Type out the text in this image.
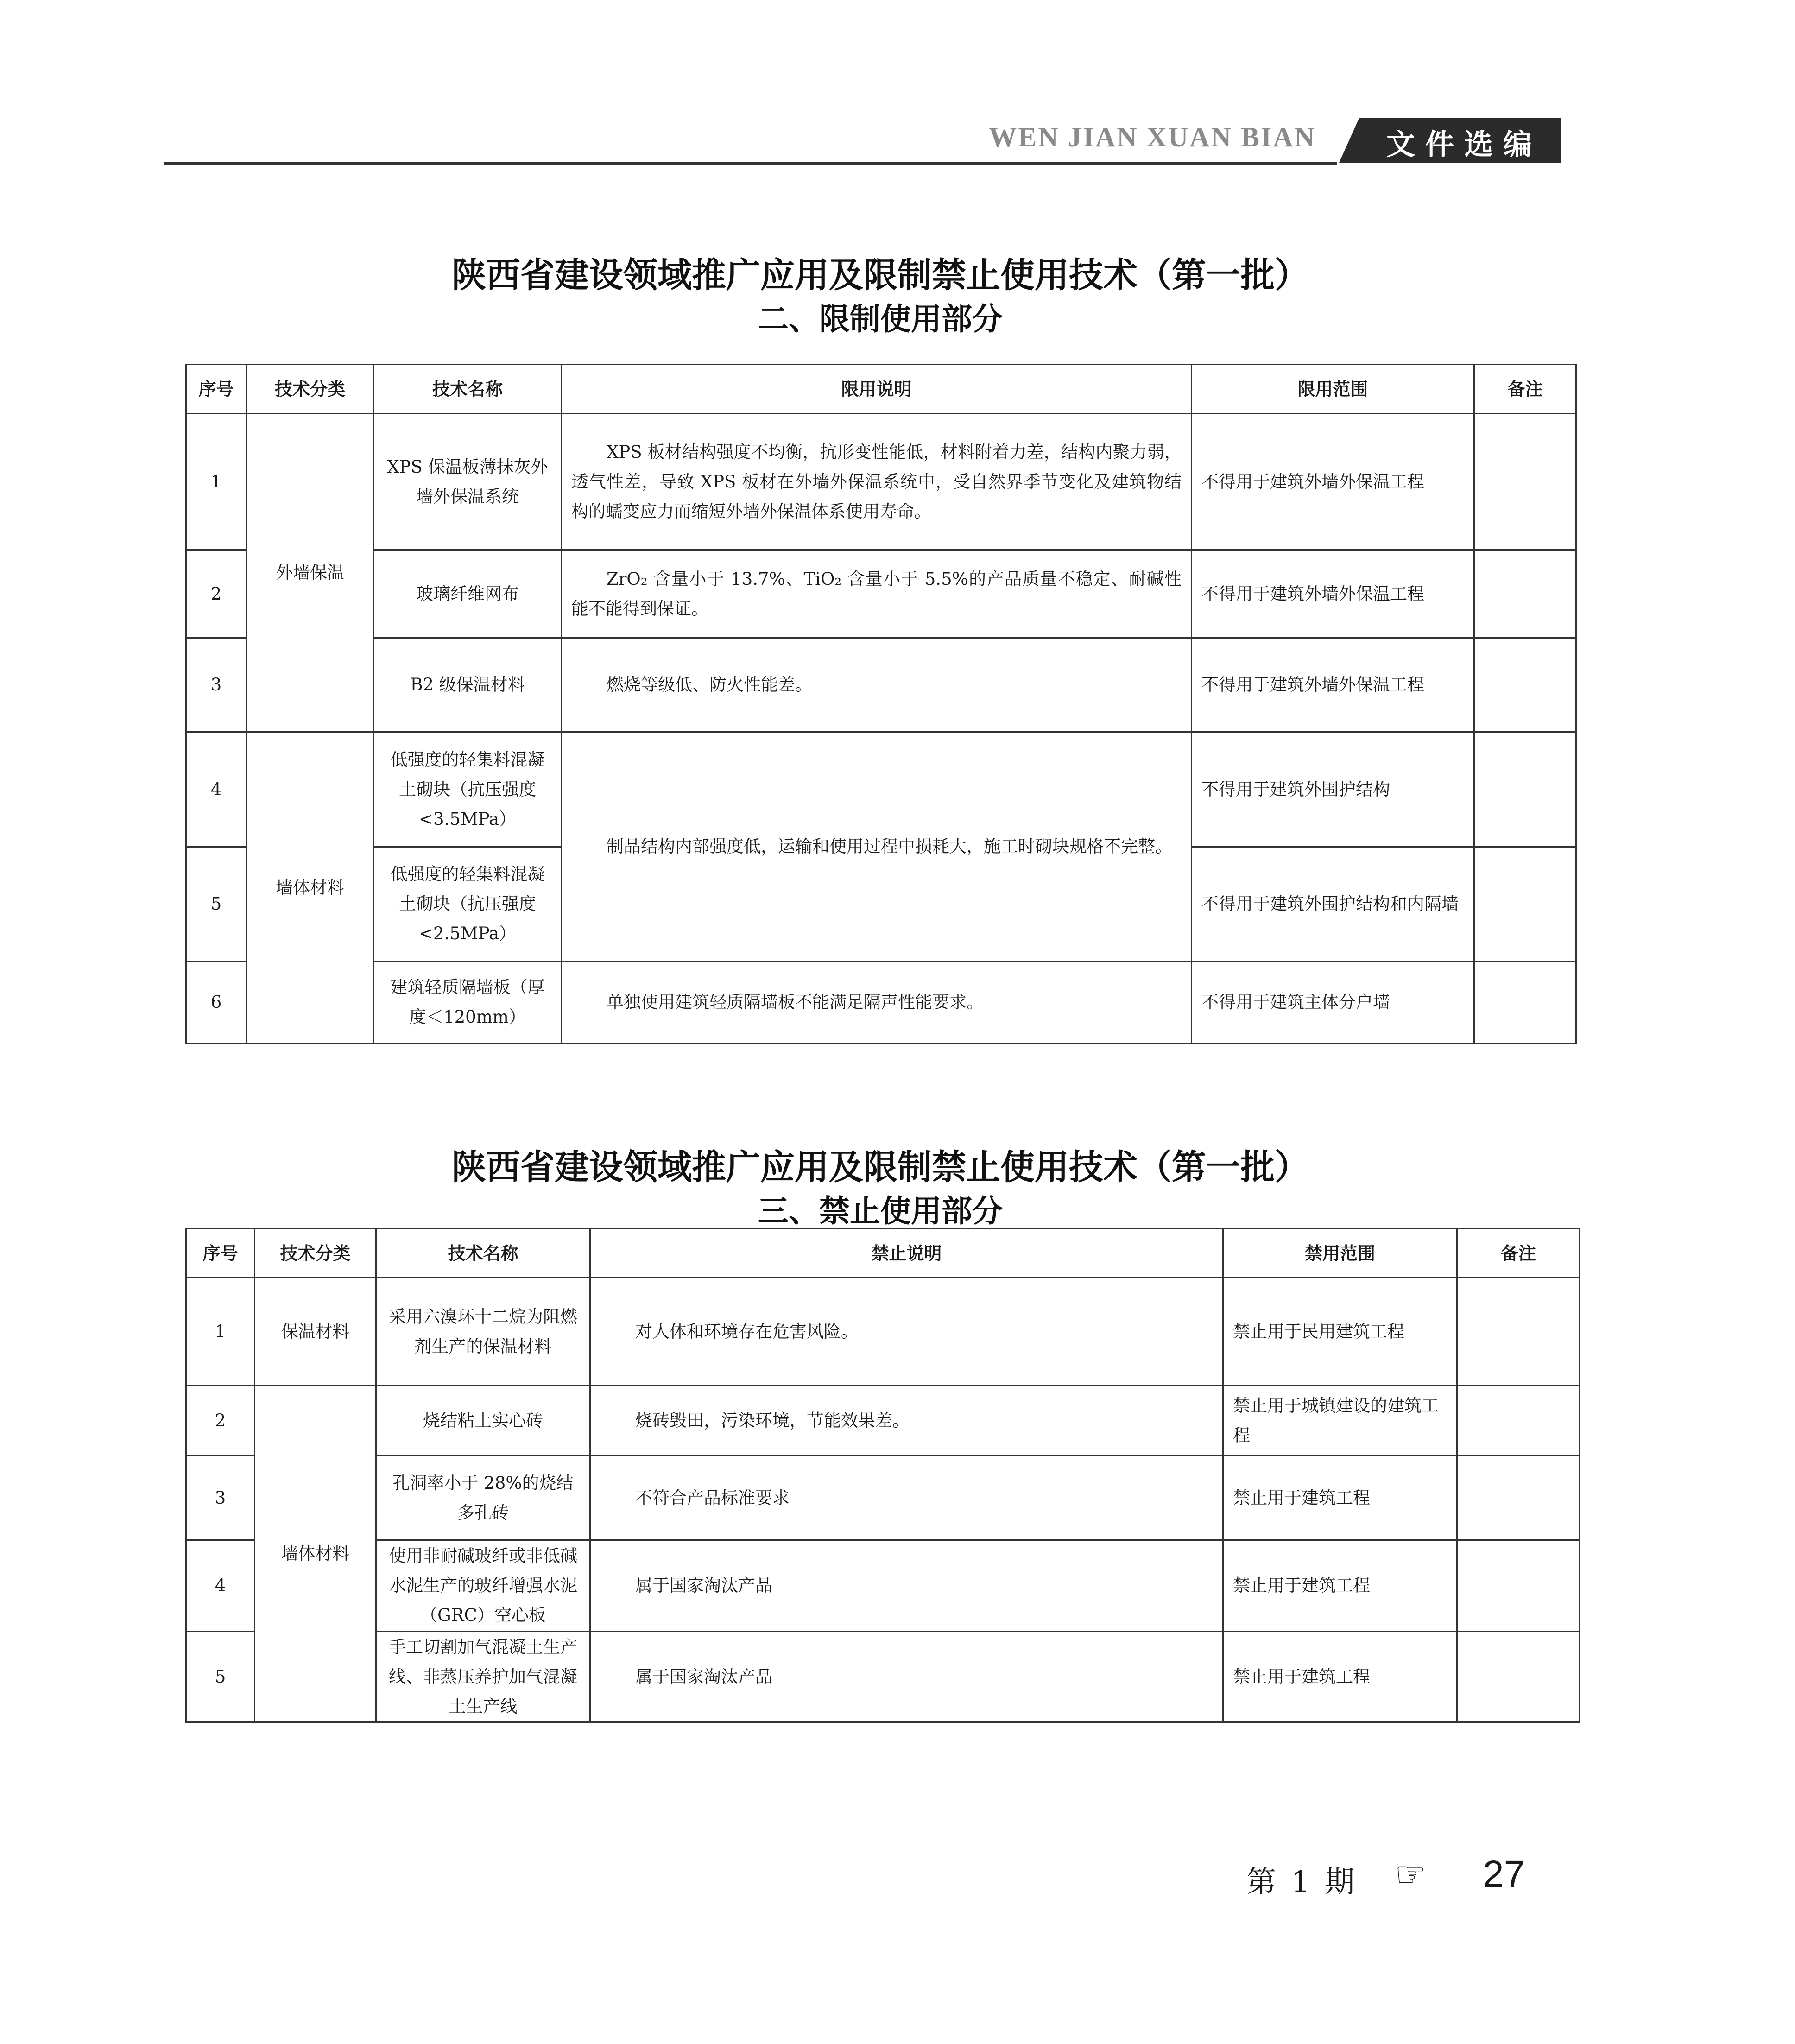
WEN JIAN XUAN BIAN	文件选编
陕西省建设领域推广应用及限制禁止使用技术（第一批）
二、限制使用部分
序号	技术分类	技术名称	限用说明	限用范围	备注
1	外墙保温	XPS 保温板薄抹灰外墙外保温系统	XPS 板材结构强度不均衡，抗形变性能低，材料附着力差，结构内聚力弱，透气性差，导致 XPS 板材在外墙外保温系统中，受自然界季节变化及建筑物结构的蠕变应力而缩短外墙外保温体系使用寿命。	不得用于建筑外墙外保温工程	
2		玻璃纤维网布	ZrO₂ 含量小于 13.7%、TiO₂ 含量小于 5.5%的产品质量不稳定、耐碱性能不能得到保证。	不得用于建筑外墙外保温工程	
3		B2 级保温材料	燃烧等级低、防火性能差。	不得用于建筑外墙外保温工程	
4	墙体材料	低强度的轻集料混凝土砌块（抗压强度<3.5MPa）	制品结构内部强度低，运输和使用过程中损耗大，施工时砌块规格不完整。	不得用于建筑外围护结构	
5		低强度的轻集料混凝土砌块（抗压强度<2.5MPa）		不得用于建筑外围护结构和内隔墙	
6		建筑轻质隔墙板（厚度＜120mm）	单独使用建筑轻质隔墙板不能满足隔声性能要求。	不得用于建筑主体分户墙	
陕西省建设领域推广应用及限制禁止使用技术（第一批）
三、禁止使用部分
序号	技术分类	技术名称	禁止说明	禁用范围	备注
1	保温材料	采用六溴环十二烷为阻燃剂生产的保温材料	对人体和环境存在危害风险。	禁止用于民用建筑工程	
2	墙体材料	烧结粘土实心砖	烧砖毁田，污染环境，节能效果差。	禁止用于城镇建设的建筑工程	
3		孔洞率小于 28%的烧结多孔砖	不符合产品标准要求	禁止用于建筑工程	
4		使用非耐碱玻纤或非低碱水泥生产的玻纤增强水泥（GRC）空心板	属于国家淘汰产品	禁止用于建筑工程	
5		手工切割加气混凝土生产线、非蒸压养护加气混凝土生产线	属于国家淘汰产品	禁止用于建筑工程	
第 1 期 ☞ 27
